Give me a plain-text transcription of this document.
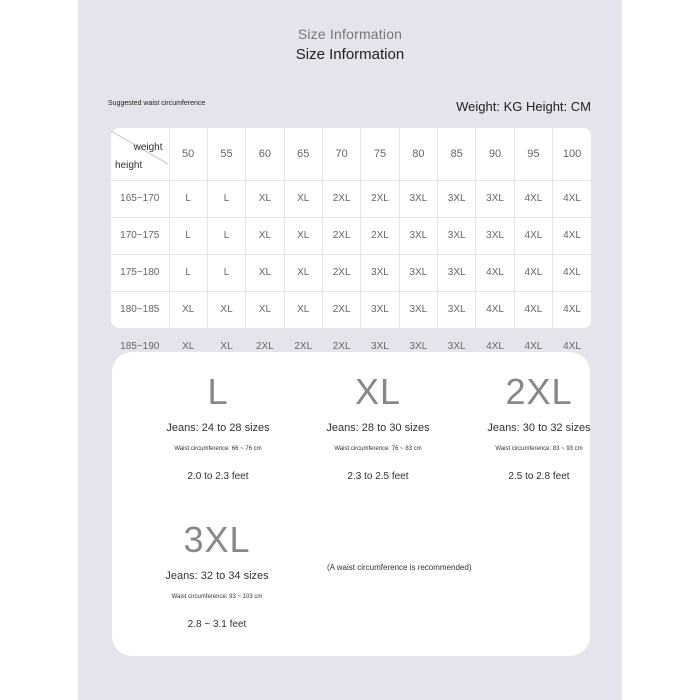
Size Information
Size Information
Suggested waist circumference	Weight: KG Height: CM
weight
height	50	55	60	65	70	75	80	85	90	95	100
165~170	L	L	XL	XL	2XL	2XL	3XL	3XL	3XL	4XL	4XL
170~175	L	L	XL	XL	2XL	2XL	3XL	3XL	3XL	4XL	4XL
175~180	L	L	XL	XL	2XL	3XL	3XL	3XL	4XL	4XL	4XL
180~185	XL	XL	XL	XL	2XL	3XL	3XL	3XL	4XL	4XL	4XL
185~190	XL	XL	2XL	2XL	2XL	3XL	3XL	3XL	4XL	4XL	4XL
L
Jeans: 24 to 28 sizes
Waist circumference: 66 ~ 76 cm
2.0 to 2.3 feet
XL
Jeans: 28 to 30 sizes
Waist circumference: 76 ~ 83 cm
2.3 to 2.5 feet
2XL
Jeans: 30 to 32 sizes
Waist circumference: 83 ~ 93 cm
2.5 to 2.8 feet
3XL
Jeans: 32 to 34 sizes
Waist circumference: 93 ~ 103 cm
2.8 ~ 3.1 feet
(A waist circumference is recommended)
